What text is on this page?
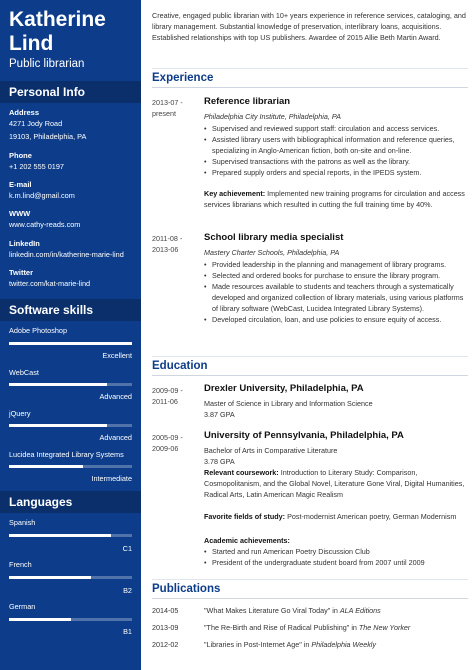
Katherine
Lind
Public librarian
Personal Info
Address
4271 Jody Road
19103, Philadelphia, PA
Phone
+1 202 555 0197
E-mail
k.m.lind@gmail.com
WWW
www.cathy-reads.com
LinkedIn
linkedin.com/in/katherine-marie-lind
Twitter
twitter.com/kat-marie-lind
Software skills
Adobe Photoshop
Excellent
WebCast
Advanced
jQuery
Advanced
Lucidea Integrated Library Systems
Intermediate
Languages
Spanish
C1
French
B2
German
B1
Creative, engaged public librarian with 10+ years experience in reference services, cataloging, and library management. Substantial knowledge of preservation, interlibrary loans, acquisitions. Established relationships with top US publishers. Awardee of 2015 Allie Beth Martin Award.
Experience
2013-07 -
present
Reference librarian
Philadelphia City Institute, Philadelphia, PA
• Supervised and reviewed support staff: circulation and access services.
• Assisted library users with bibliographical information and reference queries, specializing in Anglo-American fiction, both on-site and on-line.
• Supervised transactions with the patrons as well as the library.
• Prepared supply orders and special reports, in the IPEDS system.
Key achievement: Implemented new training programs for circulation and access services librarians which resulted in cutting the full training time by 40%.
2011-08 -
2013-06
School library media specialist
Mastery Charter Schools, Philadelphia, PA
• Provided leadership in the planning and management of library programs.
• Selected and ordered books for purchase to ensure the library program.
• Made resources available to students and teachers through a systematically developed and organized collection of library materials, using various platforms of library software (WebCast, Lucidea Integrated Library Systems).
• Developed circulation, loan, and use policies to ensure equity of access.
Education
2009-09 -
2011-06
Drexler University, Philadelphia, PA
Master of Science in Library and Information Science
3.87 GPA
2005-09 -
2009-06
University of Pennsylvania, Philadelphia, PA
Bachelor of Arts in Comparative Literature
3.78 GPA
Relevant coursework: Introduction to Literary Study: Comparison, Cosmopolitanism, and the Global Novel, Literature Gone Viral, Digital Humanities, Radical Arts, Latin American Magic Realism
Favorite fields of study: Post-modernist American poetry, German Modernism
Academic achievements:
• Started and run American Poetry Discussion Club
• President of the undergraduate student board from 2007 until 2009
Publications
2014-05	"What Makes Literature Go Viral Today" in ALA Editions
2013-09	"The Re-Birth and Rise of Radical Publishing" in The New Yorker
2012-02	"Libraries in Post-Internet Age" in Philadelphia Weekly
